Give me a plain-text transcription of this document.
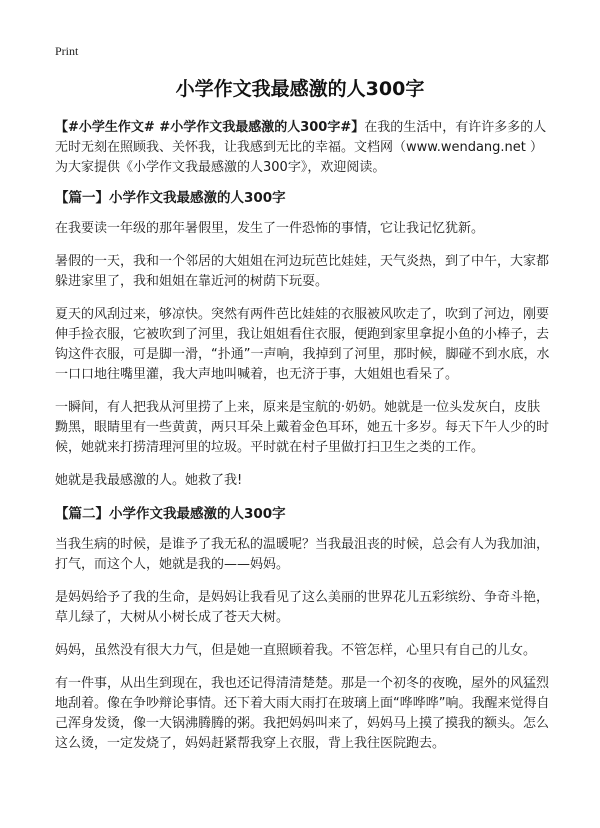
Print
小学作文我最感激的人300字

【#小学生作文# #小学作文我最感激的人300字#】在我的生活中，有许许多多的人无时无刻在照顾我、关怀我，让我感到无比的幸福。文档网（www.wendang.net ）为大家提供《小学作文我最感激的人300字》，欢迎阅读。

【篇一】小学作文我最感激的人300字

在我要读一年级的那年暑假里，发生了一件恐怖的事情，它让我记忆犹新。

暑假的一天，我和一个邻居的大姐姐在河边玩芭比娃娃，天气炎热，到了中午，大家都躲进家里了，我和姐姐在靠近河的树荫下玩耍。

夏天的风刮过来，够凉快。突然有两件芭比娃娃的衣服被风吹走了，吹到了河边，刚要伸手捡衣服，它被吹到了河里，我让姐姐看住衣服，便跑到家里拿捉小鱼的小棒子，去钩这件衣服，可是脚一滑，“扑通”一声响，我掉到了河里，那时候，脚碰不到水底，水一口口地往嘴里灌，我大声地叫喊着，也无济于事，大姐姐也看呆了。

一瞬间，有人把我从河里捞了上来，原来是宝航的·奶奶。她就是一位头发灰白，皮肤黝黑，眼睛里有一些黄黄，两只耳朵上戴着金色耳环，她五十多岁。每天下午人少的时候，她就来打捞清理河里的垃圾。平时就在村子里做打扫卫生之类的工作。

她就是我最感激的人。她救了我!

【篇二】小学作文我最感激的人300字

当我生病的时候，是谁予了我无私的温暖呢？当我最沮丧的时候，总会有人为我加油，打气，而这个人，她就是我的——妈妈。

是妈妈给予了我的生命，是妈妈让我看见了这么美丽的世界花儿五彩缤纷、争奇斗艳，草儿绿了，大树从小树长成了苍天大树。

妈妈，虽然没有很大力气，但是她一直照顾着我。不管怎样，心里只有自己的儿女。

有一件事，从出生到现在，我也还记得清清楚楚。那是一个初冬的夜晚，屋外的风猛烈地刮着。像在争吵辩论事情。还下着大雨大雨打在玻璃上面“哗哗哗”响。我醒来觉得自己浑身发烫，像一大锅沸腾腾的粥。我把妈妈叫来了，妈妈马上摸了摸我的额头。怎么这么烫，一定发烧了，妈妈赶紧帮我穿上衣服，背上我往医院跑去。
